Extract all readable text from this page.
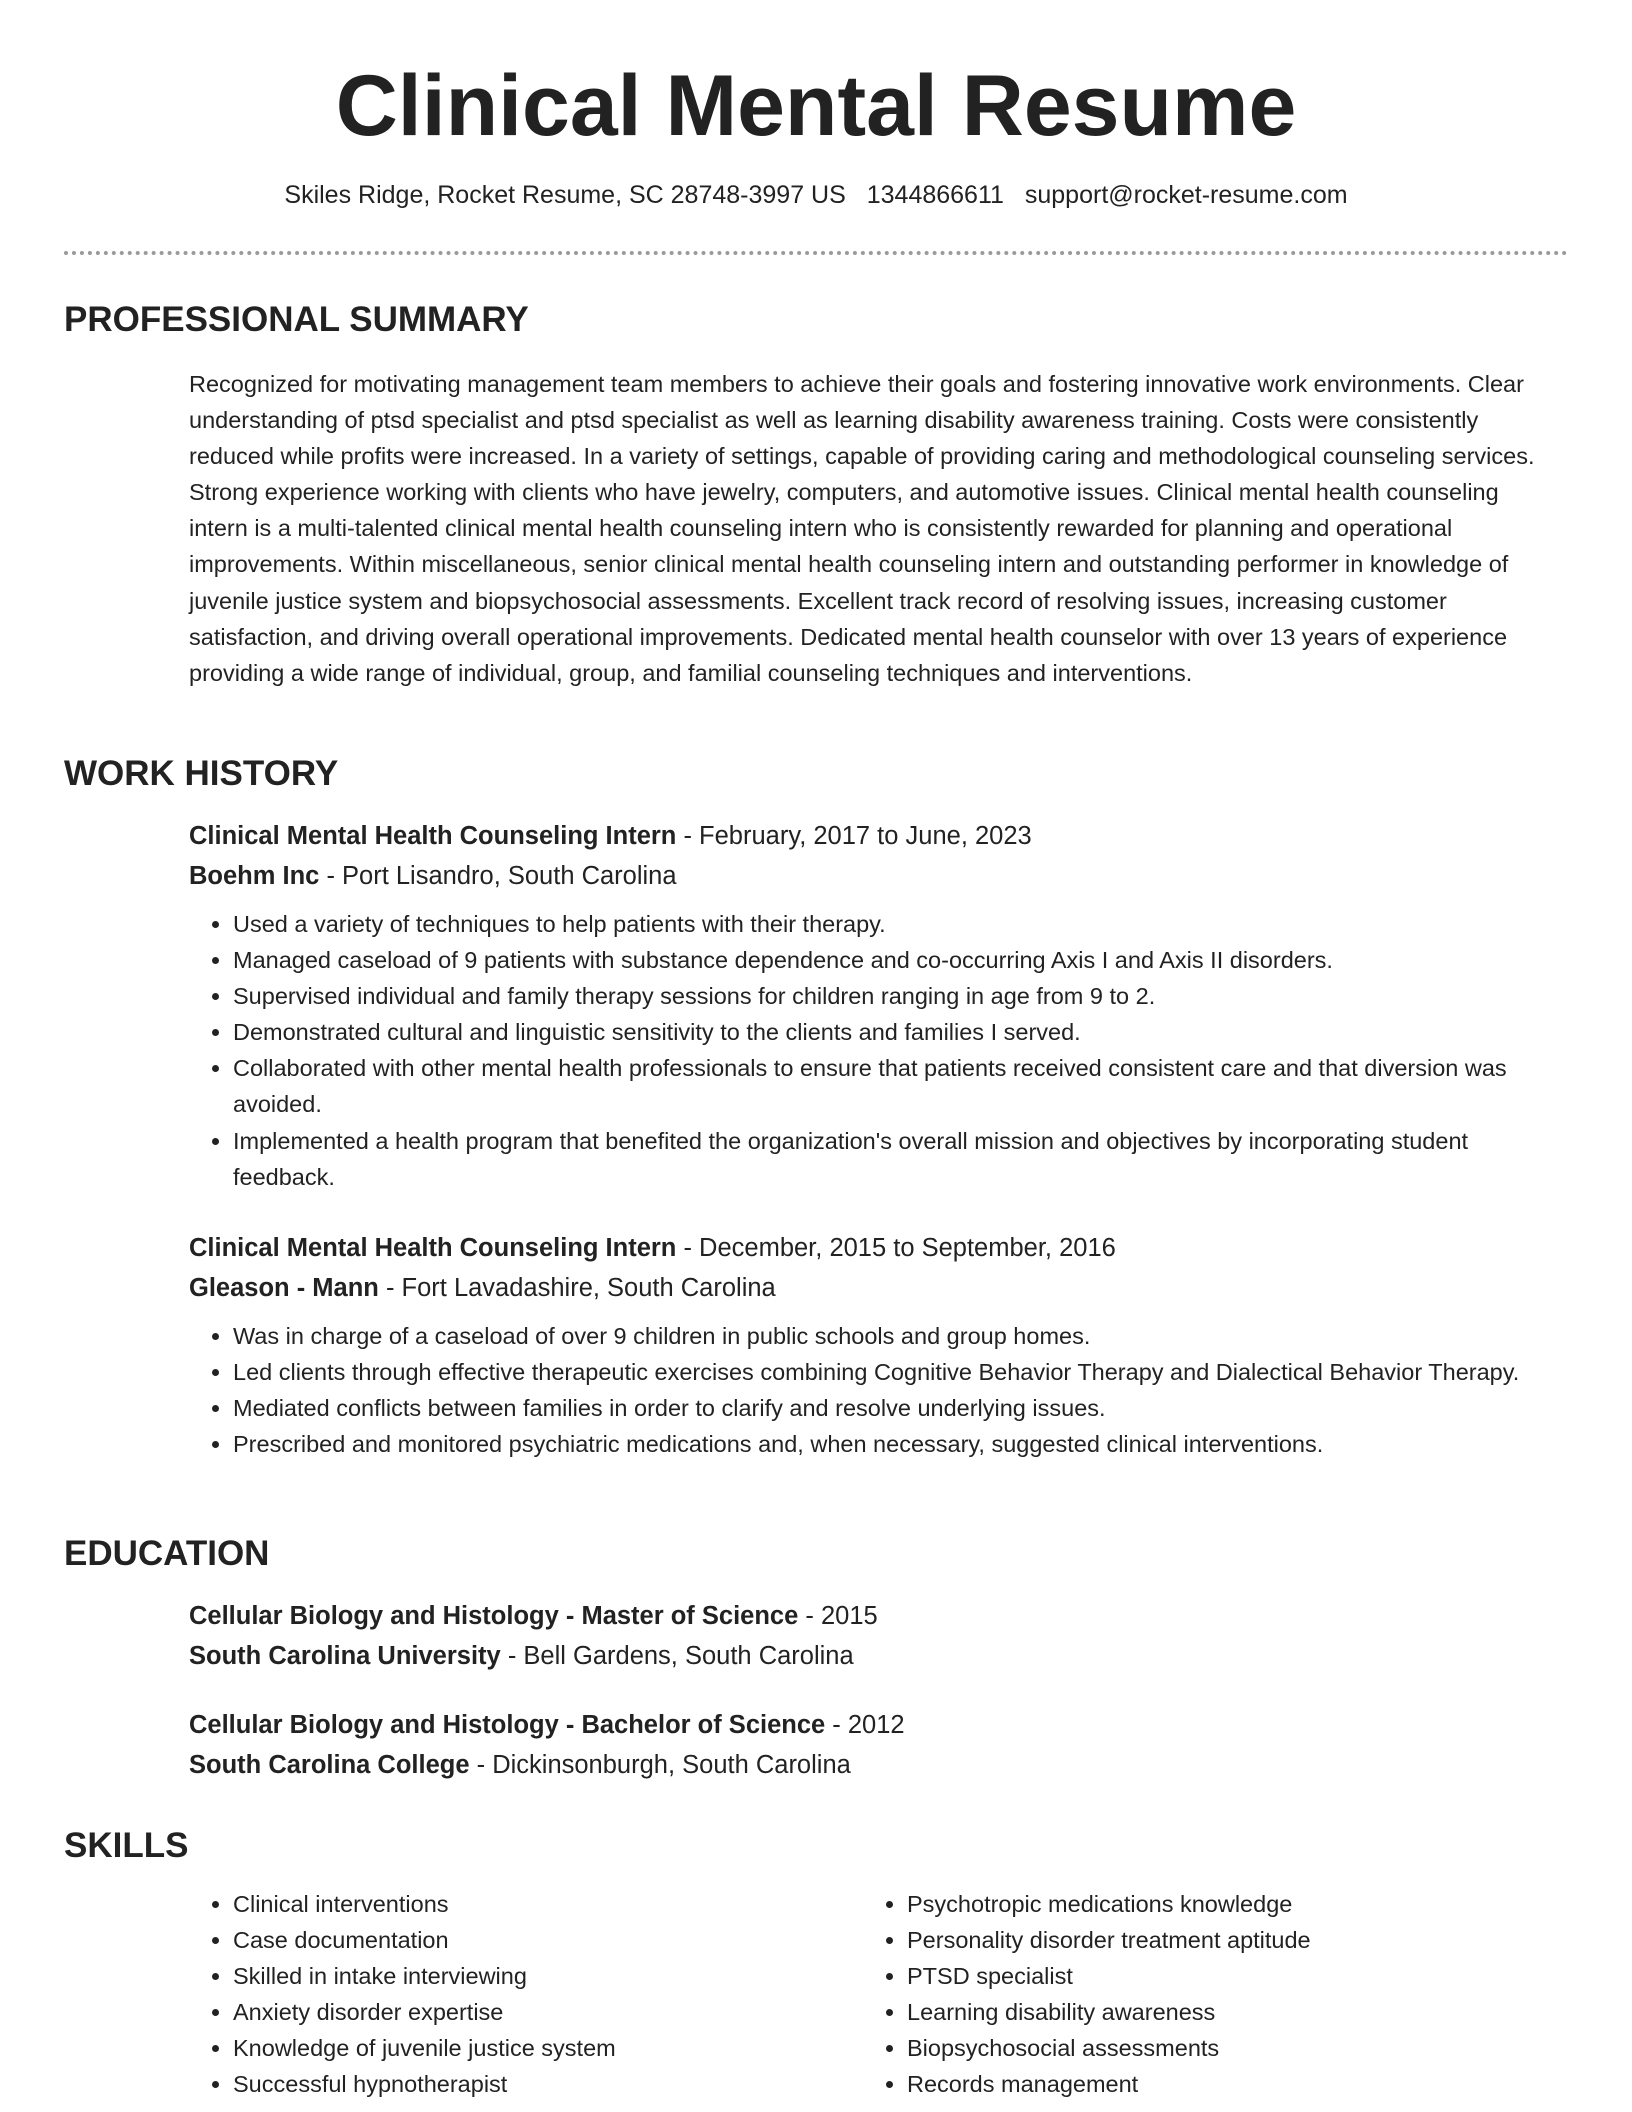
Clinical Mental Resume
Skiles Ridge, Rocket Resume, SC 28748-3997 US 1344866611 support@rocket-resume.com
PROFESSIONAL SUMMARY

Recognized for motivating management team members to achieve their goals and fostering innovative work environments. Clear understanding of ptsd specialist and ptsd specialist as well as learning disability awareness training. Costs were consistently reduced while profits were increased. In a variety of settings, capable of providing caring and methodological counseling services. Strong experience working with clients who have jewelry, computers, and automotive issues. Clinical mental health counseling intern is a multi-talented clinical mental health counseling intern who is consistently rewarded for planning and operational improvements. Within miscellaneous, senior clinical mental health counseling intern and outstanding performer in knowledge of juvenile justice system and biopsychosocial assessments. Excellent track record of resolving issues, increasing customer satisfaction, and driving overall operational improvements. Dedicated mental health counselor with over 13 years of experience providing a wide range of individual, group, and familial counseling techniques and interventions.

WORK HISTORY

Clinical Mental Health Counseling Intern - February, 2017 to June, 2023

Boehm Inc - Port Lisandro, South Carolina

• Used a variety of techniques to help patients with their therapy.
• Managed caseload of 9 patients with substance dependence and co-occurring Axis I and Axis II disorders.
• Supervised individual and family therapy sessions for children ranging in age from 9 to 2.
• Demonstrated cultural and linguistic sensitivity to the clients and families I served.
• Collaborated with other mental health professionals to ensure that patients received consistent care and that diversion was avoided.
• Implemented a health program that benefited the organization's overall mission and objectives by incorporating student feedback.

Clinical Mental Health Counseling Intern - December, 2015 to September, 2016

Gleason - Mann - Fort Lavadashire, South Carolina

• Was in charge of a caseload of over 9 children in public schools and group homes.
• Led clients through effective therapeutic exercises combining Cognitive Behavior Therapy and Dialectical Behavior Therapy.
• Mediated conflicts between families in order to clarify and resolve underlying issues.
• Prescribed and monitored psychiatric medications and, when necessary, suggested clinical interventions.
EDUCATION

Cellular Biology and Histology - Master of Science - 2015

South Carolina University - Bell Gardens, South Carolina

Cellular Biology and Histology - Bachelor of Science - 2012

South Carolina College - Dickinsonburgh, South Carolina

SKILLS
• Clinical interventions
• Case documentation
• Skilled in intake interviewing
• Anxiety disorder expertise
• Knowledge of juvenile justice system
• Successful hypnotherapist
• Psychotropic medications knowledge
• Personality disorder treatment aptitude
• PTSD specialist
• Learning disability awareness
• Biopsychosocial assessments
• Records management
